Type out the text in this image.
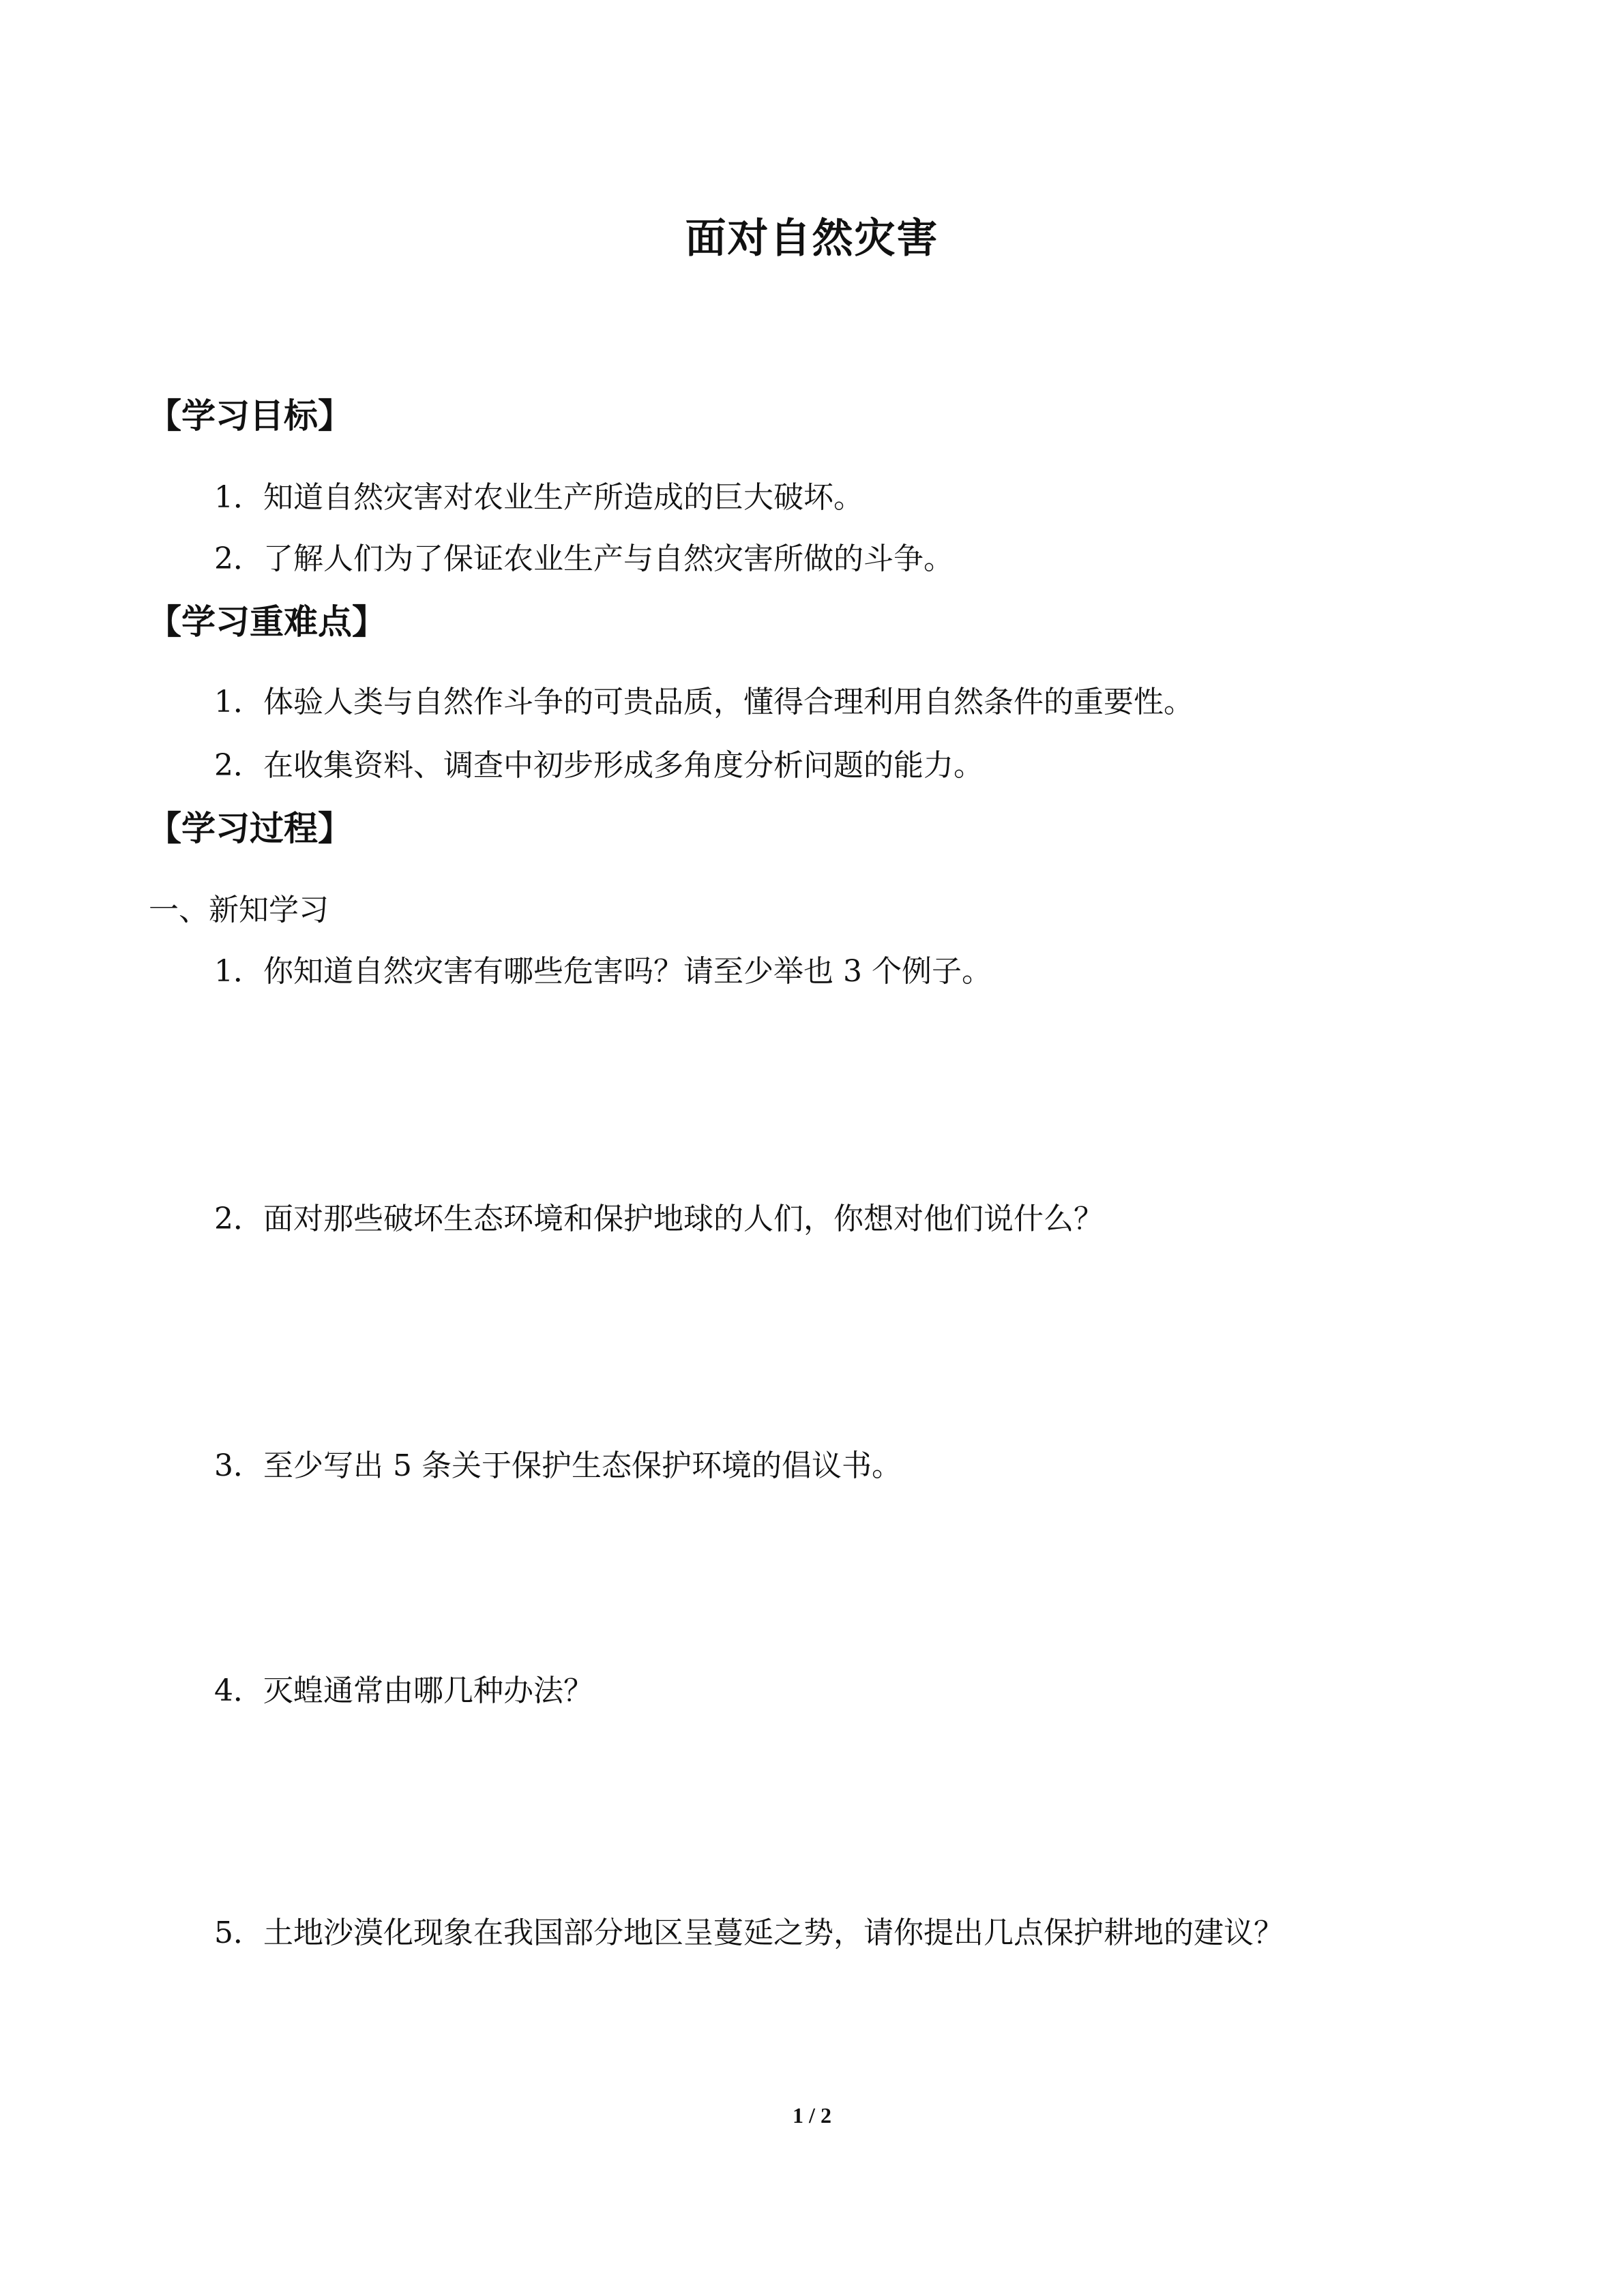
面对自然灾害
【学习目标】
1．知道自然灾害对农业生产所造成的巨大破坏。
2．了解人们为了保证农业生产与自然灾害所做的斗争。
【学习重难点】
1．体验人类与自然作斗争的可贵品质，懂得合理利用自然条件的重要性。
2．在收集资料、调查中初步形成多角度分析问题的能力。
【学习过程】
一、新知学习
1．你知道自然灾害有哪些危害吗？请至少举也 3 个例子。
2．面对那些破坏生态环境和保护地球的人们，你想对他们说什么？
3．至少写出 5 条关于保护生态保护环境的倡议书。
4．灭蝗通常由哪几种办法？
5．土地沙漠化现象在我国部分地区呈蔓延之势，请你提出几点保护耕地的建议？
1 / 2
